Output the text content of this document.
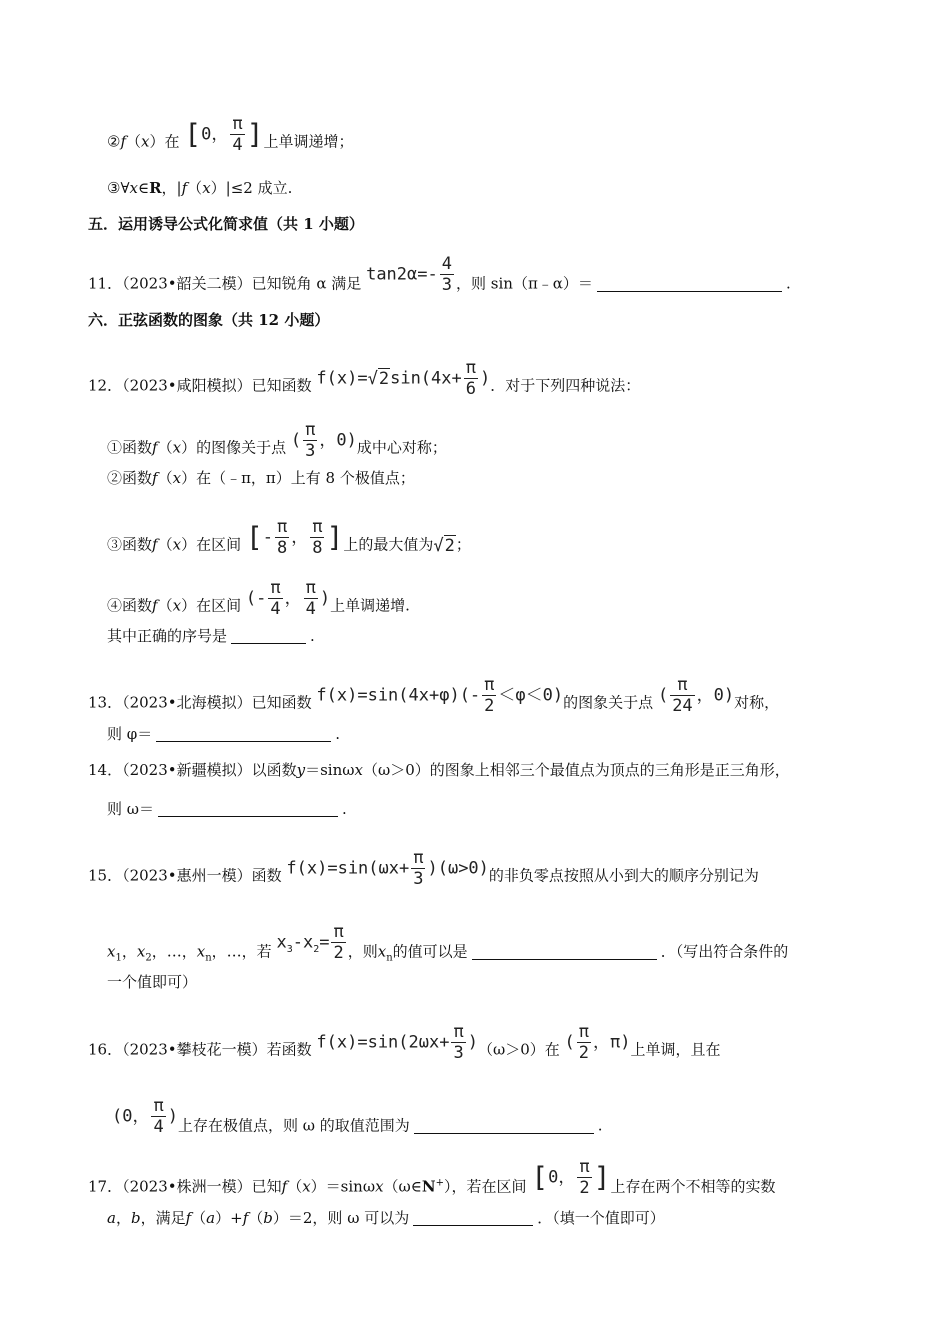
②f（x）在 [0， $\frac{\pi}{4}$ ]上单调递增；
③∀x∈R，|f（x）|≤2 成立.
五．运用诱导公式化简求值（共 1 小题）
11．（2023•韶关二模）已知锐角 α 满足 $\tan 2\alpha=- \frac{4}{3}$ ，则 sin（π﹣α）＝	.
六．正弦函数的图象（共 12 小题）
12．（2023•咸阳模拟）已知函数 $f(x)=√2\sin(4x+ \frac{\pi}{6}$ )．对于下列四种说法：
①函数f（x）的图像关于点 ( $\frac{\pi}{3}$ ，0)成中心对称；
②函数f（x）在（﹣π，π）上有 8 个极值点；
③函数f（x）在区间 [- $\frac{\pi}{8}$ ， $\frac{\pi}{8}$ ]上的最大值为√2；
④函数f（x）在区间 (- $\frac{\pi}{4}$ ， $\frac{\pi}{4}$ )上单调递增.
其中正确的序号是	.
13．（2023•北海模拟）已知函数 $f(x)=\sin(4x+\varphi)(- \frac{\pi}{2} <\varphi<0)$的图象关于点 ( $\frac{\pi}{24}$ ，0)对称，
则 φ＝	.
14．（2023•新疆模拟）以函数y＝sinωx（ω＞0）的图象上相邻三个最值点为顶点的三角形是正三角形，
则 ω＝	.
15．（2023•惠州一模）函数 $f(x)=\sin(\omega x+ \frac{\pi}{3} )(\omega>0)$的非负零点按照从小到大的顺序分别记为
$x_1$，$x_2$，…，$x_n$，…，若 $x_3-x_2= \frac{\pi}{2}$ ，则$x_n$的值可以是	．（写出符合条件的
一个值即可）
16．（2023•攀枝花一模）若函数 $f(x)=\sin(2\omega x+ \frac{\pi}{3} )(\omega>0)$在 ( $\frac{\pi}{2}$ ，π)上单调，且在
(0， $\frac{\pi}{4}$ )上存在极值点，则 ω 的取值范围为	.
17．（2023•株洲一模）已知f（x）＝sinωx（ω∈N+），若在区间 [0， $\frac{\pi}{2}$ ]上存在两个不相等的实数
a，b，满足f（a）+f（b）＝2，则 ω 可以为	．（填一个值即可）
